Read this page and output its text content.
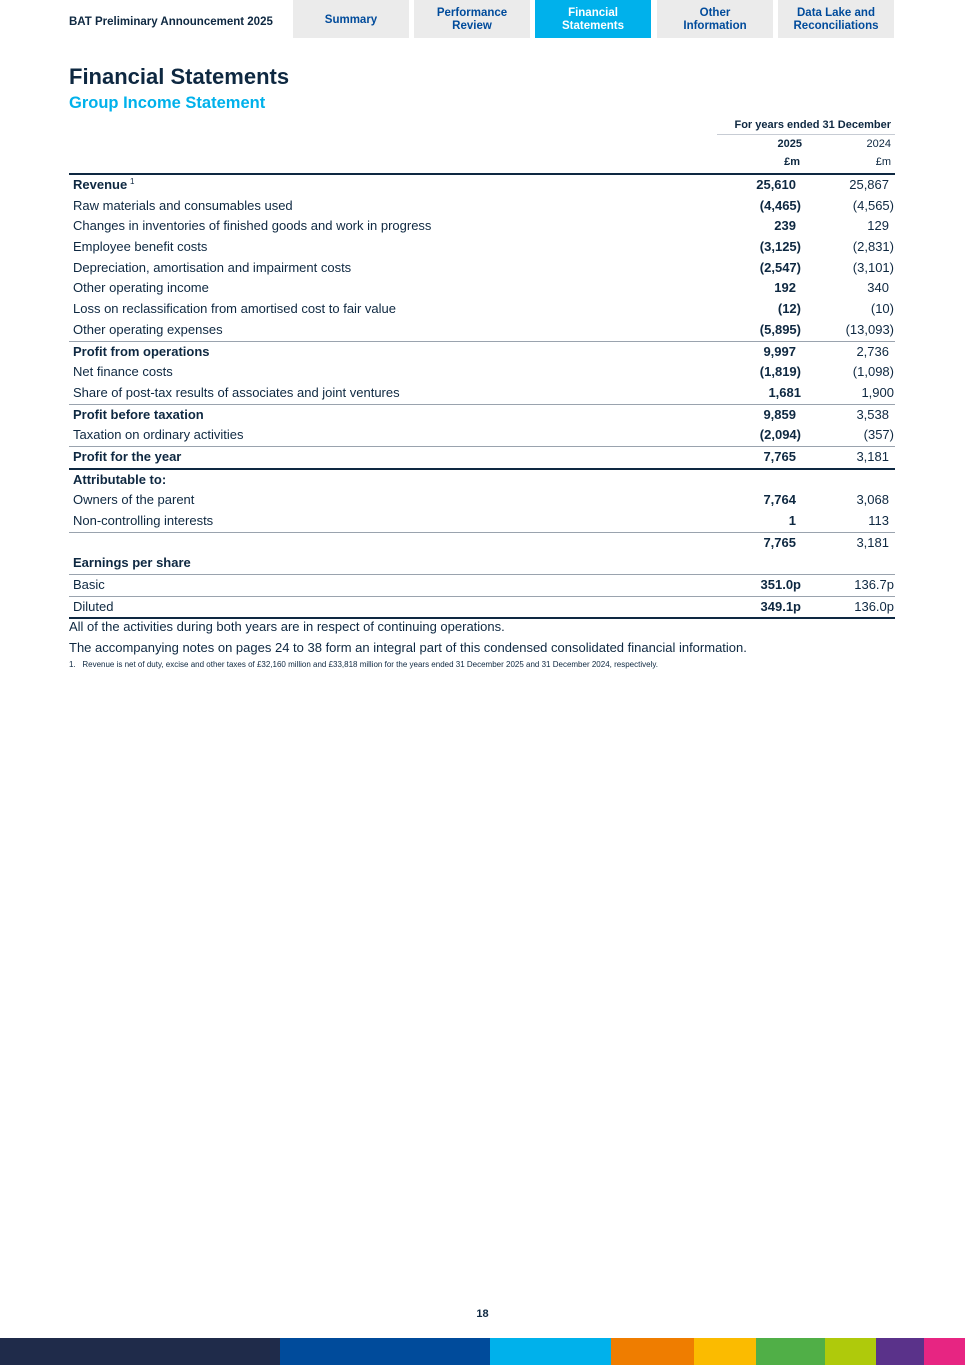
BAT Preliminary Announcement 2025	Summary
Performance
Review
Financial
Statements
Other
Information
Data Lake and
Reconciliations
Financial Statements
Group Income Statement
For years ended 31 December
2025	2024
£m	£m
Revenue 1	25,610	25,867
Raw materials and consumables used	(4,465)	(4,565)
Changes in inventories of finished goods and work in progress	239	129
Employee benefit costs	(3,125)	(2,831)
Depreciation, amortisation and impairment costs	(2,547)	(3,101)
Other operating income	192	340
Loss on reclassification from amortised cost to fair value	(12)	(10)
Other operating expenses	(5,895)	(13,093)
Profit from operations	9,997	2,736
Net finance costs	(1,819)	(1,098)
Share of post-tax results of associates and joint ventures	1,681	1,900
Profit before taxation	9,859	3,538
Taxation on ordinary activities	(2,094)	(357)
Profit for the year	7,765	3,181
Attributable to:
Owners of the parent	7,764	3,068
Non-controlling interests	1	113
7,765	3,181
Earnings per share
Basic	351.0p	136.7p
Diluted	349.1p	136.0p
All of the activities during both years are in respect of continuing operations.
The accompanying notes on pages 24 to 38 form an integral part of this condensed consolidated financial information.
1. Revenue is net of duty, excise and other taxes of £32,160 million and £33,818 million for the years ended 31 December 2025 and 31 December 2024, respectively.
18
